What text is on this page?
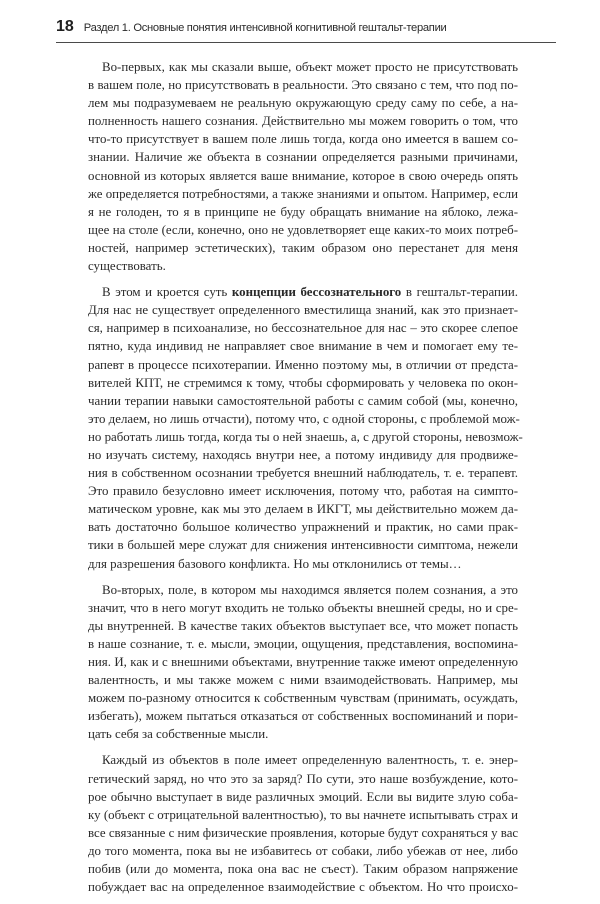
18 Раздел 1. Основные понятия интенсивной когнитивной гештальт-терапии

Во-первых, как мы сказали выше, объект может просто не присутствовать
в вашем поле, но присутствовать в реальности. Это связано с тем, что под по-
лем мы подразумеваем не реальную окружающую среду саму по себе, а на-
полненность нашего сознания. Действительно мы можем говорить о том, что
что-то присутствует в вашем поле лишь тогда, когда оно имеется в вашем со-
знании. Наличие же объекта в сознании определяется разными причинами,
основной из которых является ваше внимание, которое в свою очередь опять
же определяется потребностями, а также знаниями и опытом. Например, если
я не голоден, то я в принципе не буду обращать внимание на яблоко, лежа-
щее на столе (если, конечно, оно не удовлетворяет еще каких-то моих потреб-
ностей, например эстетических), таким образом оно перестанет для меня
существовать.

В этом и кроется суть концепции бессознательного в гештальт-терапии.
Для нас не существует определенного вместилища знаний, как это признает-
ся, например в психоанализе, но бессознательное для нас – это скорее слепое
пятно, куда индивид не направляет свое внимание в чем и помогает ему те-
рапевт в процессе психотерапии. Именно поэтому мы, в отличии от предста-
вителей КПТ, не стремимся к тому, чтобы сформировать у человека по окон-
чании терапии навыки самостоятельной работы с самим собой (мы, конечно,
это делаем, но лишь отчасти), потому что, с одной стороны, с проблемой мож-
но работать лишь тогда, когда ты о ней знаешь, а, с другой стороны, невозмож-
но изучать систему, находясь внутри нее, а потому индивиду для продвиже-
ния в собственном осознании требуется внешний наблюдатель, т. е. терапевт.
Это правило безусловно имеет исключения, потому что, работая на симпто-
матическом уровне, как мы это делаем в ИКГТ, мы действительно можем да-
вать достаточно большое количество упражнений и практик, но сами прак-
тики в большей мере служат для снижения интенсивности симптома, нежели
для разрешения базового конфликта. Но мы отклонились от темы…

Во-вторых, поле, в котором мы находимся является полем сознания, а это
значит, что в него могут входить не только объекты внешней среды, но и сре-
ды внутренней. В качестве таких объектов выступает все, что может попасть
в наше сознание, т. е. мысли, эмоции, ощущения, представления, воспомина-
ния. И, как и с внешними объектами, внутренние также имеют определенную
валентность, и мы также можем с ними взаимодействовать. Например, мы
можем по-разному относится к собственным чувствам (принимать, осуждать,
избегать), можем пытаться отказаться от собственных воспоминаний и пори-
цать себя за собственные мысли.

Каждый из объектов в поле имеет определенную валентность, т. е. энер-
гетический заряд, но что это за заряд? По сути, это наше возбуждение, кото-
рое обычно выступает в виде различных эмоций. Если вы видите злую соба-
ку (объект с отрицательной валентностью), то вы начнете испытывать страх и
все связанные с ним физические проявления, которые будут сохраняться у вас
до того момента, пока вы не избавитесь от собаки, либо убежав от нее, либо
побив (или до момента, пока она вас не съест). Таким образом напряжение
побуждает вас на определенное взаимодействие с объектом. Но что происхо-
